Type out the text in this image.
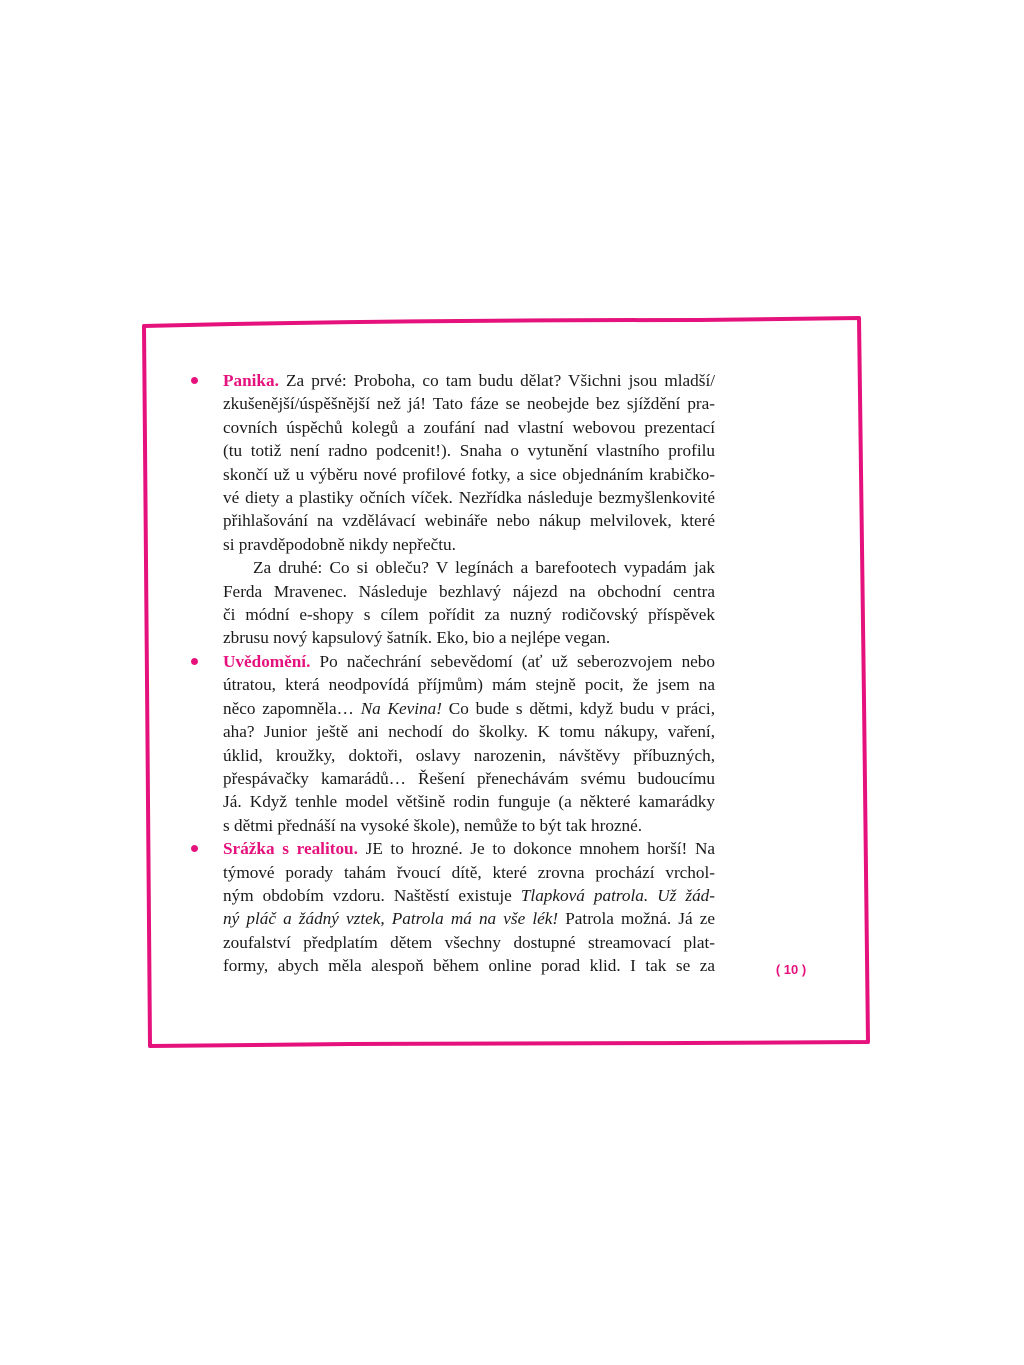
Panika. Za prvé: Proboha, co tam budu dělat? Všichni jsou mladší/
zkušenější/úspěšnější než já! Tato fáze se neobejde bez sjíždění pra-
covních úspěchů kolegů a zoufání nad vlastní webovou prezentací
(tu totiž není radno podcenit!). Snaha o vytunění vlastního profilu
skončí už u výběru nové profilové fotky, a sice objednáním krabičko-
vé diety a plastiky očních víček. Nezřídka následuje bezmyšlenkovité
přihlašování na vzdělávací webináře nebo nákup melvilovek, které
si pravděpodobně nikdy nepřečtu.
Za druhé: Co si obleču? V legínách a barefootech vypadám jak
Ferda Mravenec. Následuje bezhlavý nájezd na obchodní centra
či módní e-shopy s cílem pořídit za nuzný rodičovský příspěvek
zbrusu nový kapsulový šatník. Eko, bio a nejlépe vegan.
Uvědomění. Po načechrání sebevědomí (ať už seberozvojem nebo
útratou, která neodpovídá příjmům) mám stejně pocit, že jsem na
něco zapomněla… Na Kevina! Co bude s dětmi, když budu v práci,
aha? Junior ještě ani nechodí do školky. K tomu nákupy, vaření,
úklid, kroužky, doktoři, oslavy narozenin, návštěvy příbuzných,
přespávačky kamarádů… Řešení přenechávám svému budoucímu
Já. Když tenhle model většině rodin funguje (a některé kamarádky
s dětmi přednáší na vysoké škole), nemůže to být tak hrozné.
Srážka s realitou. JE to hrozné. Je to dokonce mnohem horší! Na
týmové porady tahám řvoucí dítě, které zrovna prochází vrchol-
ným obdobím vzdoru. Naštěstí existuje Tlapková patrola. Už žád-
ný pláč a žádný vztek, Patrola má na vše lék! Patrola možná. Já ze
zoufalství předplatím dětem všechny dostupné streamovací plat-
formy, abych měla alespoň během online porad klid. I tak se za	( 10 )
